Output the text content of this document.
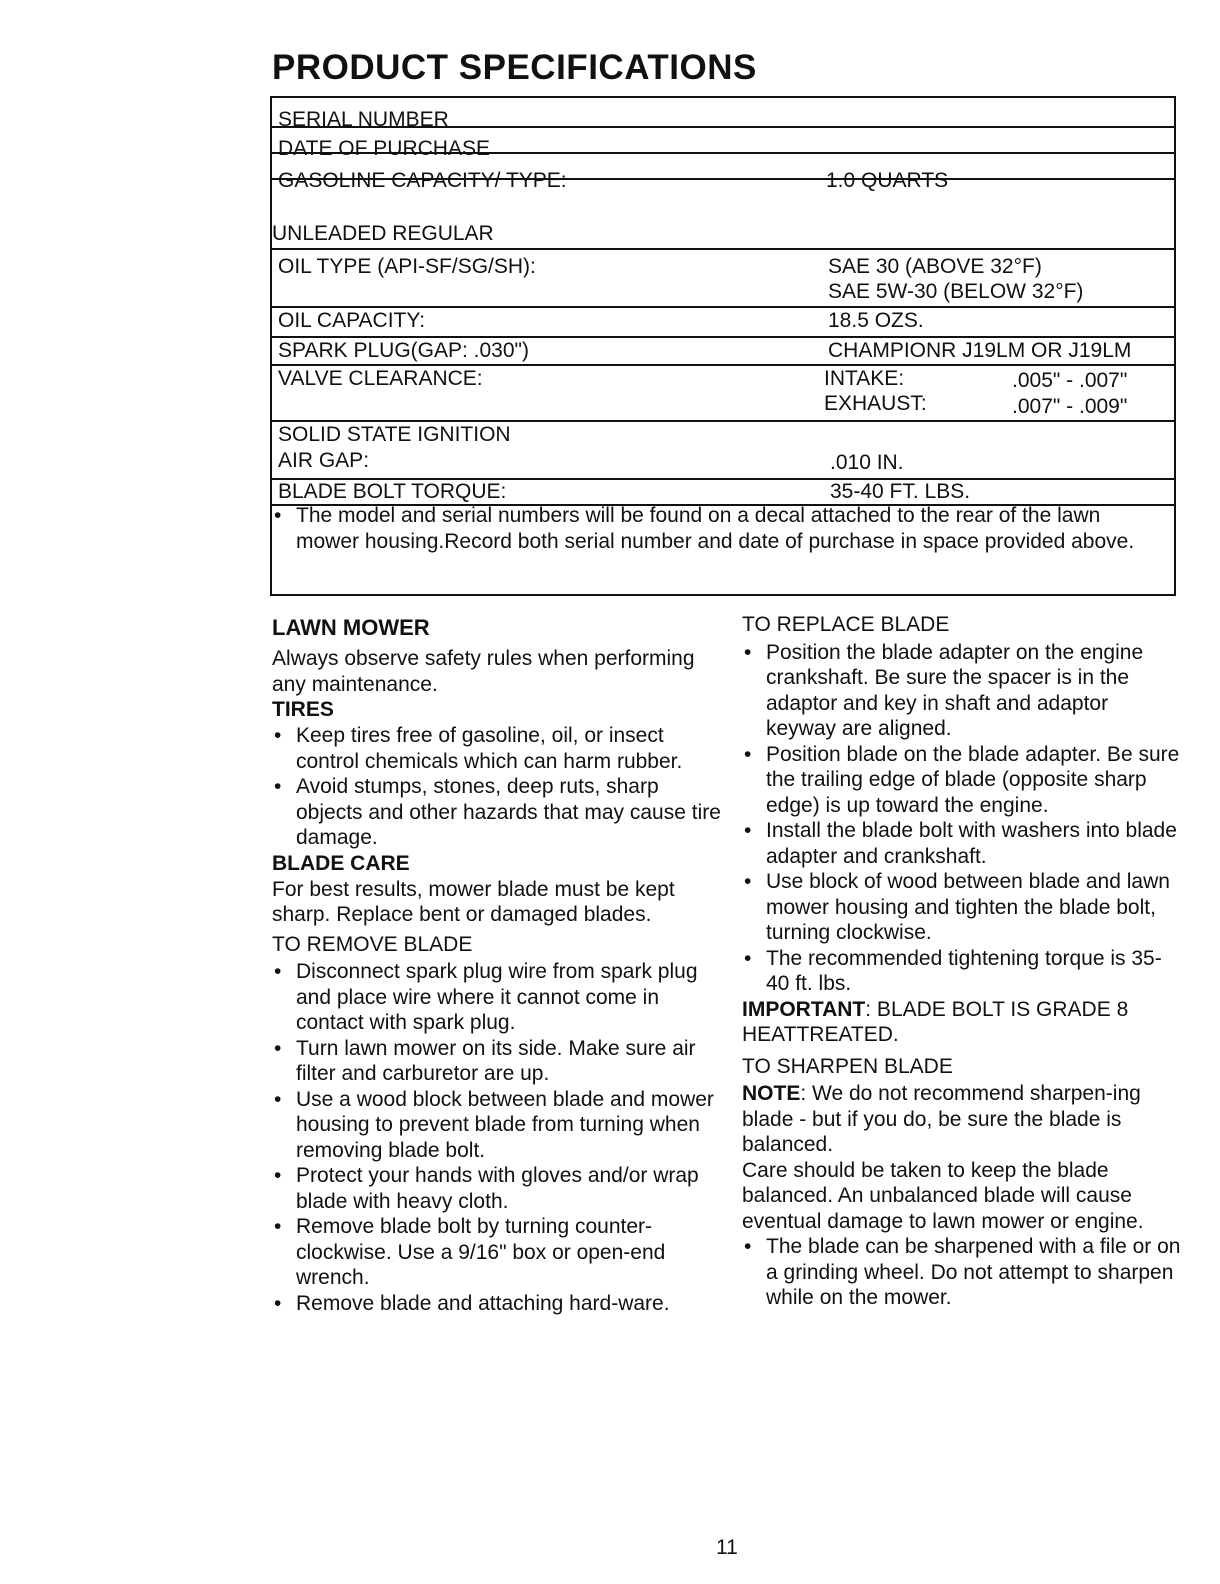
PRODUCT SPECIFICATIONS
SERIAL NUMBER
DATE OF PURCHASE
GASOLINE CAPACITY/ TYPE:	1.0 QUARTS
UNLEADED REGULAR
OIL TYPE (API-SF/SG/SH):	SAE 30 (ABOVE 32°F)
SAE 5W-30 (BELOW 32°F)
OIL CAPACITY:	18.5 OZS.
SPARK PLUG(GAP: .030")	CHAMPIONR J19LM OR J19LM
VALVE CLEARANCE:	INTAKE:	.005" - .007"
EXHAUST:	.007" - .009"
SOLID STATE IGNITION
AIR GAP:	.010 IN.
BLADE BOLT TORQUE:	35-40 FT. LBS.
• The model and serial numbers will be found on a decal attached to the rear of the lawn mower housing.Record both serial number and date of purchase in space provided above.
LAWN MOWER

Always observe safety rules when performing any maintenance.

TIRES
• Keep tires free of gasoline, oil, or insect control chemicals which can harm rubber.
• Avoid stumps, stones, deep ruts, sharp objects and other hazards that may cause tire damage.
BLADE CARE

For best results, mower blade must be kept sharp. Replace bent or damaged blades.

TO REMOVE BLADE

• Disconnect spark plug wire from spark plug and place wire where it cannot come in contact with spark plug.
• Turn lawn mower on its side. Make sure air filter and carburetor are up.
• Use a wood block between blade and mower housing to prevent blade from turning when removing blade bolt.
• Protect your hands with gloves and/or wrap blade with heavy cloth.
• Remove blade bolt by turning counter-clockwise. Use a 9/16" box or open-end wrench.
• Remove blade and attaching hard-ware.

TO REPLACE BLADE

• Position the blade adapter on the engine crankshaft. Be sure the spacer is in the adaptor and key in shaft and adaptor keyway are aligned.
• Position blade on the blade adapter. Be sure the trailing edge of blade (opposite sharp edge) is up toward the engine.
• Install the blade bolt with washers into blade adapter and crankshaft.
• Use block of wood between blade and lawn mower housing and tighten the blade bolt, turning clockwise.
• The recommended tightening torque is 35-40 ft. lbs.

IMPORTANT: BLADE BOLT IS GRADE 8 HEATTREATED.

TO SHARPEN BLADE

NOTE: We do not recommend sharpen-ing blade - but if you do, be sure the blade is balanced.

Care should be taken to keep the blade balanced. An unbalanced blade will cause eventual damage to lawn mower or engine.

• The blade can be sharpened with a file or on a grinding wheel. Do not attempt to sharpen while on the mower.
11
